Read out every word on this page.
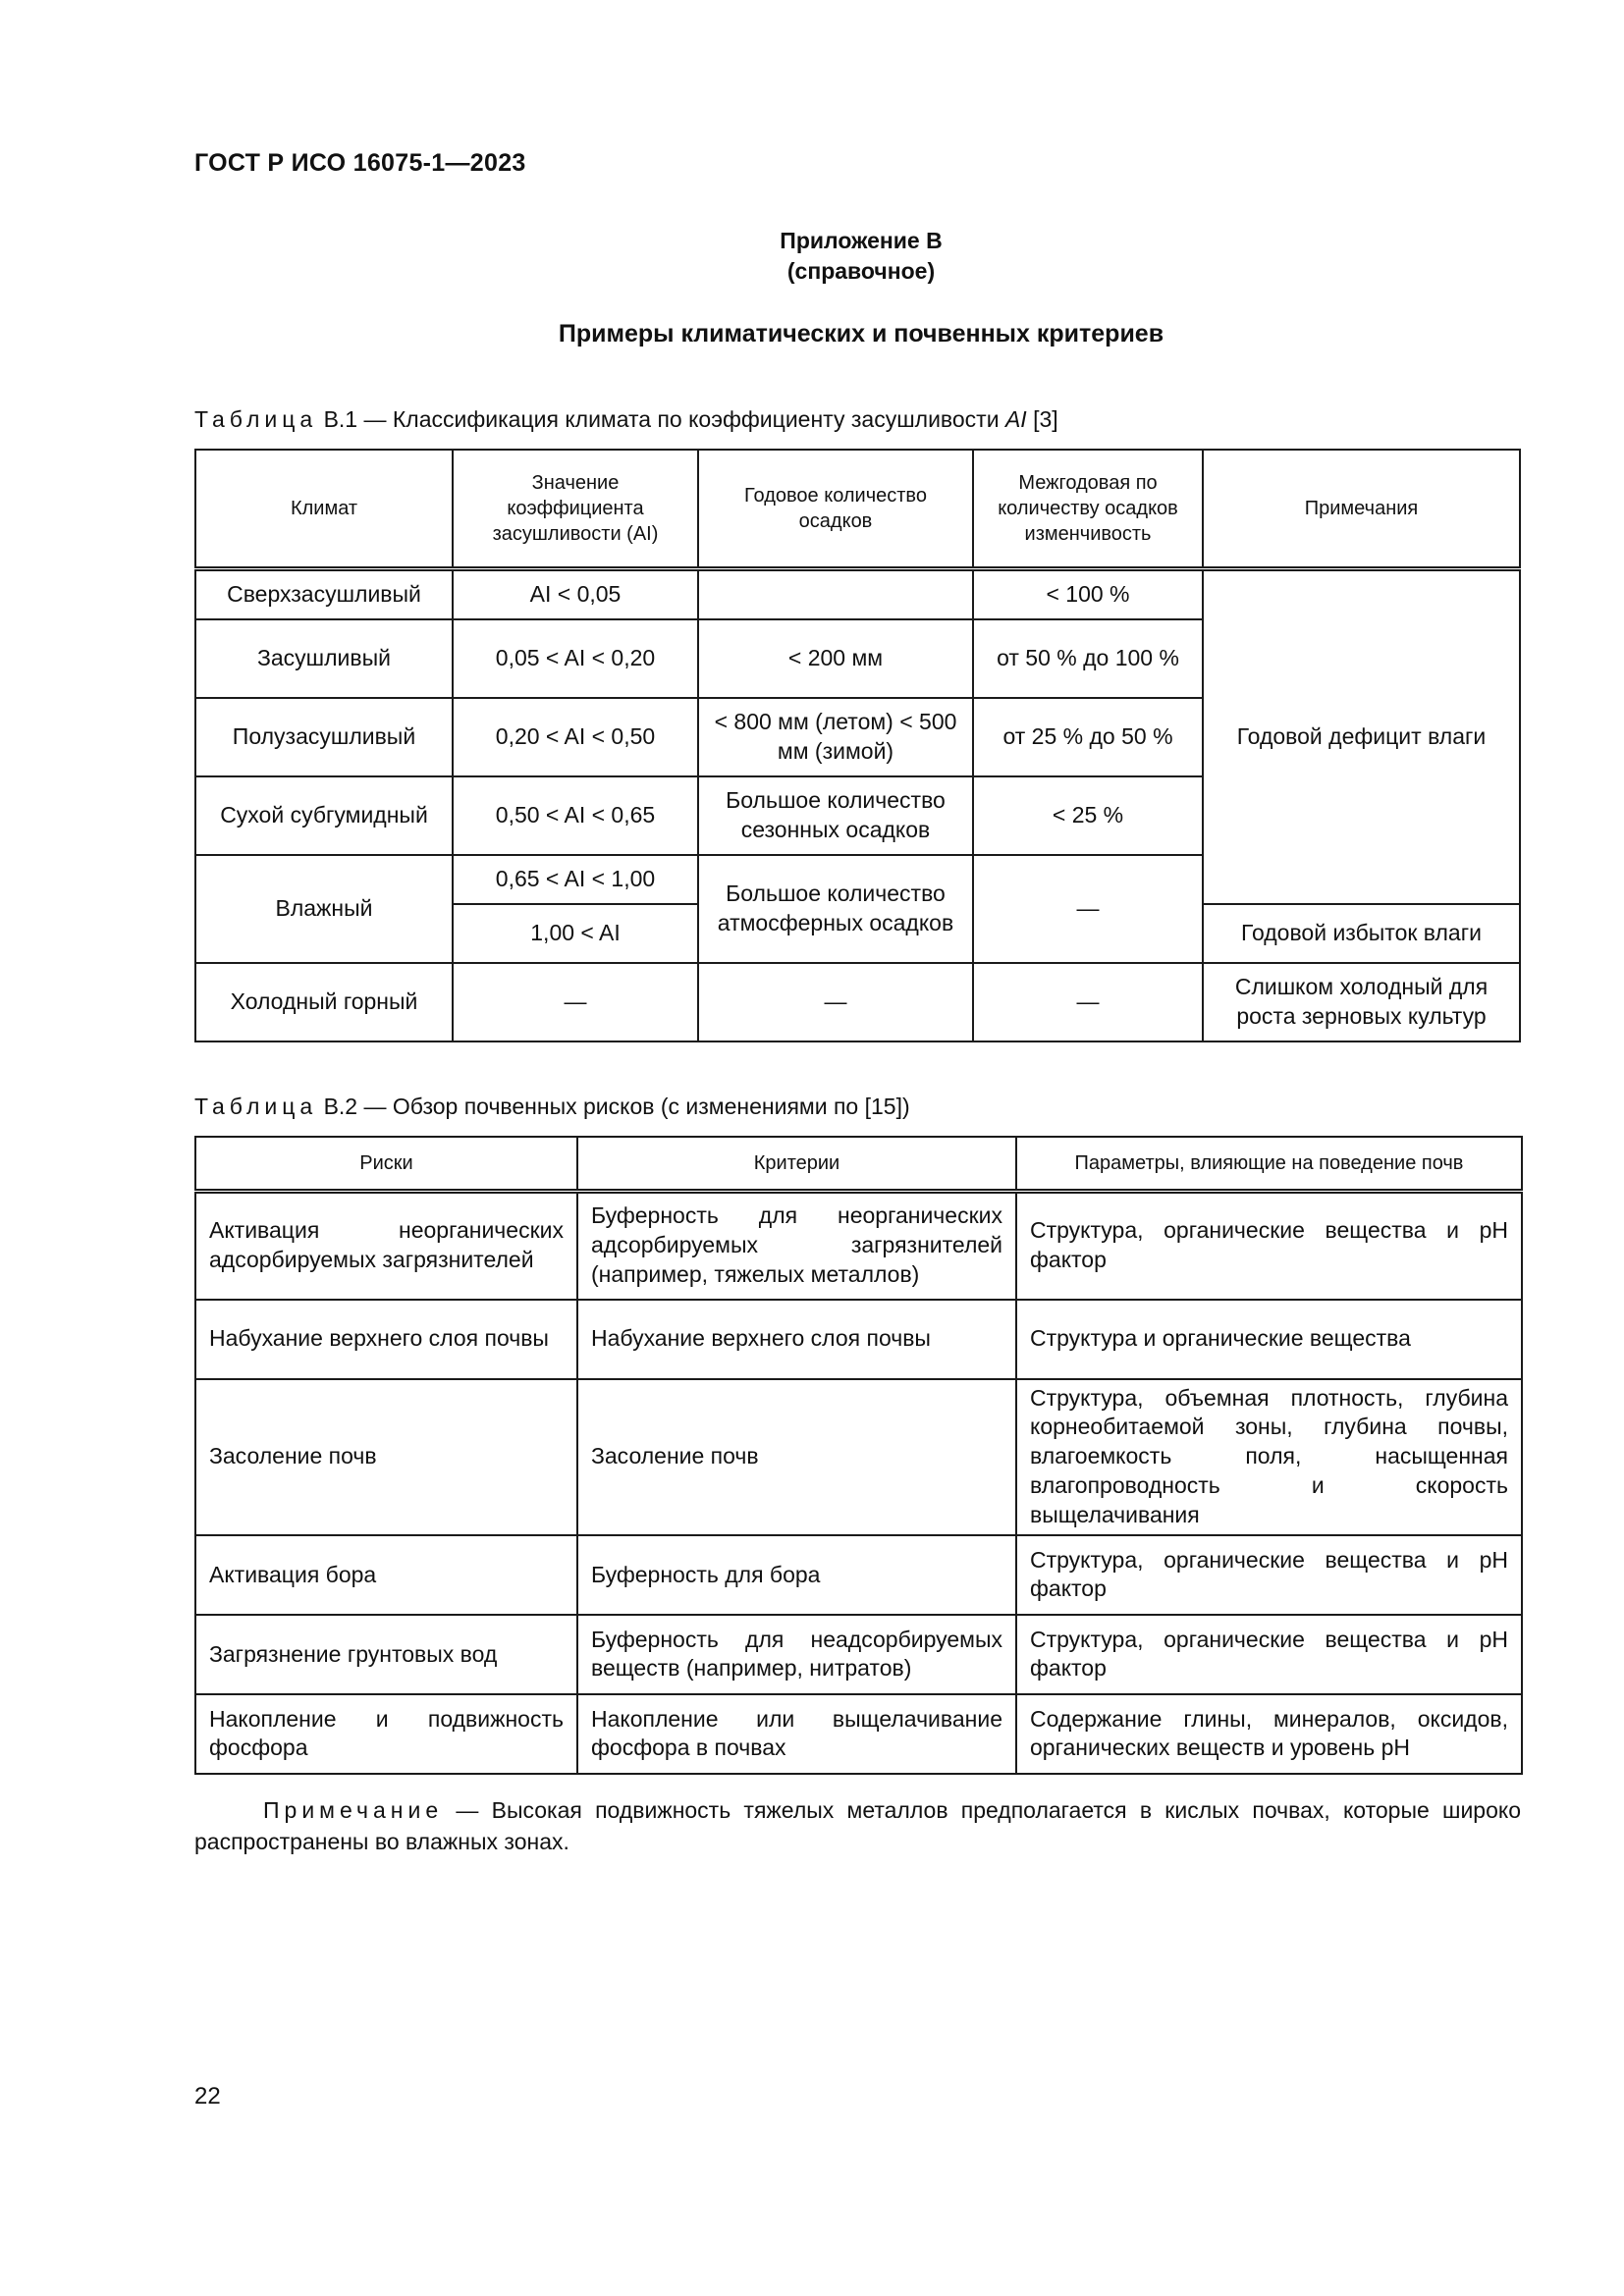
ГОСТ Р ИСО 16075-1—2023
Приложение В
(справочное)
Примеры климатических и почвенных критериев
Таблица В.1 — Классификация климата по коэффициенту засушливости AI [3]
Климат	Значение коэффициента засушливости (AI)	Годовое количество осадков	Межгодовая по количеству осадков изменчивость	Примечания
Сверхзасушливый	AI < 0,05		< 100 %	Годовой дефицит влаги
Засушливый	0,05 < AI < 0,20	< 200 мм	от 50 % до 100 %	
Полузасушливый	0,20 < AI < 0,50	< 800 мм (летом) < 500 мм (зимой)	от 25 % до 50 %	
Сухой субгумидный	0,50 < AI < 0,65	Большое количество сезонных осадков	< 25 %	
Влажный	0,65 < AI < 1,00	Большое количество атмосферных осадков	—	
	1,00 < AI			Годовой избыток влаги
Холодный горный	—	—	—	Слишком холодный для роста зерновых культур
Таблица В.2 — Обзор почвенных рисков (с изменениями по [15])
Риски	Критерии	Параметры, влияющие на поведение почв
Активация неорганических адсорбируемых загрязнителей	Буферность для неорганических адсорбируемых загрязнителей (например, тяжелых металлов)	Структура, органические вещества и pH фактор
Набухание верхнего слоя почвы	Набухание верхнего слоя почвы	Структура и органические вещества
Засоление почв	Засоление почв	Структура, объемная плотность, глубина корнеобитаемой зоны, глубина почвы, влагоемкость поля, насыщенная влагопроводность и скорость выщелачивания
Активация бора	Буферность для бора	Структура, органические вещества и pH фактор
Загрязнение грунтовых вод	Буферность для неадсорбируемых веществ (например, нитратов)	Структура, органические вещества и pH фактор
Накопление и подвижность фосфора	Накопление или выщелачивание фосфора в почвах	Содержание глины, минералов, оксидов, органических веществ и уровень pH
Примечание — Высокая подвижность тяжелых металлов предполагается в кислых почвах, которые широко распространены во влажных зонах.
22
